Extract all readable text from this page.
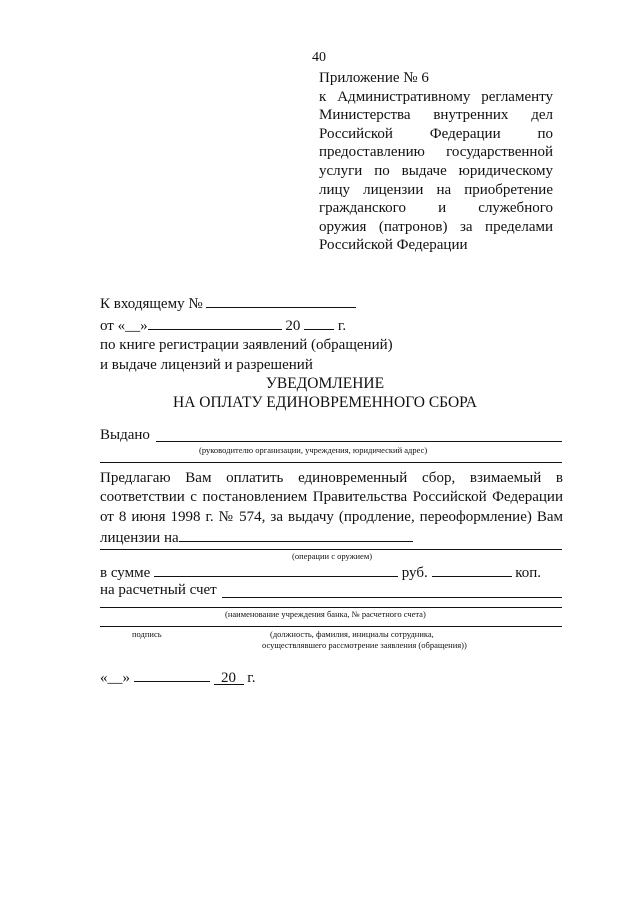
40
Приложение № 6
к Административному регламенту
Министерства внутренних дел
Российской Федерации по
предоставлению государственной
услуги по выдаче юридическому
лицу лицензии на приобретение
гражданского и служебного
оружия (патронов) за пределами
Российской Федерации
К входящему №
от «__»	20	г.
по книге регистрации заявлений (обращений)
и выдаче лицензий и разрешений
УВЕДОМЛЕНИЕ
НА ОПЛАТУ ЕДИНОВРЕМЕННОГО СБОРА
Выдано
(руководителю организации, учреждения, юридический адрес)
Предлагаю Вам оплатить единовременный сбор, взимаемый в соответствии с постановлением Правительства Российской Федерации от 8 июня 1998 г. № 574, за выдачу (продление, переоформление) Вам лицензии на
(операции с оружием)
в сумме	руб.	коп.
на расчетный счет
(наименование учреждения банка, № расчетного счета)
подпись	(должность, фамилия, инициалы сотрудника,
осуществлявшего рассмотрение заявления (обращения))
«__»	20 г.
